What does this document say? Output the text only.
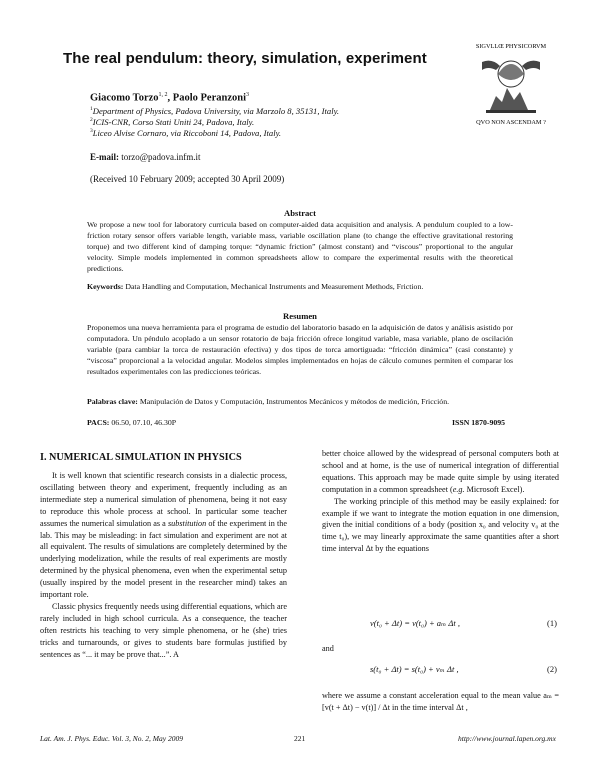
The real pendulum: theory, simulation, experiment
SIGVLLŒ PHYSICORVM
QVO NON ASCENDAM ?
Giacomo Torzo$^{1, 2}$, Paolo Peranzoni$^3$
$^1$Department of Physics, Padova University, via Marzolo 8, 35131, Italy.
$^2$ICIS-CNR, Corso Stati Uniti 24, Padova, Italy.
$^3$Liceo Alvise Cornaro, via Riccoboni 14, Padova, Italy.
E-mail: torzo@padova.infm.it
(Received 10 February 2009; accepted 30 April 2009)
Abstract
We propose a new tool for laboratory curricula based on computer-aided data acquisition and analysis. A pendulum coupled to a low-friction rotary sensor offers variable length, variable mass, variable oscillation plane (to change the effective gravitational restoring torque) and two different kind of damping torque: “dynamic friction” (almost constant) and “viscous” proportional to the angular velocity. Simple models implemented in common spreadsheets allow to compare the experimental results with the theoretical predictions.
Keywords: Data Handling and Computation, Mechanical Instruments and Measurement Methods, Friction.
Resumen
Proponemos una nueva herramienta para el programa de estudio del laboratorio basado en la adquisición de datos y análisis asistido por computadora. Un péndulo acoplado a un sensor rotatorio de baja fricción ofrece longitud variable, masa variable, plano de oscilación variable (para cambiar la torca de restauración efectiva) y dos tipos de torca amortiguada: “fricción dinámica” (casi constante) y “viscosa” proporcional a la velocidad angular. Modelos simples implementados en hojas de cálculo comunes permiten el comparar los resultados experimentales con las predicciones teóricas.
Palabras clave: Manipulación de Datos y Computación, Instrumentos Mecánicos y métodos de medición, Fricción.
PACS: 06.50, 07.10, 46.30P	ISSN 1870-9095
I. NUMERICAL SIMULATION IN PHYSICS

It is well known that scientific research consists in a dialectic process, oscillating between theory and experiment, frequently including as an intermediate step a numerical simulation of phenomena, being it not easy to reproduce this whole process at school. In particular some teacher assumes the numerical simulation as a substitution of the experiment in the lab. This may be misleading: in fact simulation and experiment are not at all equivalent. The results of simulations are completely determined by the underlying modelization, while the results of real experiments are mostly determined by the physical phenomena, even when the experimental setup (usually inspired by the model present in the researcher mind) takes an important role.

Classic physics frequently needs using differential equations, which are rarely included in high school curricula. As a consequence, the teacher often restricts his teaching to very simple phenomena, or he (she) tries tricks and turnarounds, or gives to students bare formulas justified by sentences as “... it may be prove that...”. A

better choice allowed by the widespread of personal computers both at school and at home, is the use of numerical integration of differential equations. This approach may be made quite simple by using iterated computation in a common spreadsheet (e.g. Microsoft Excel).

The working principle of this method may be easily explained: for example if we want to integrate the motion equation in one dimension, given the initial conditions of a body (position x₀ and velocity v₀ at the time t₀), we may linearly approximate the same quantities after a short time interval Δt by the equations

v(t₀ + Δt) = v(t₀) + aₘ Δt ,	(1)
and
s(t₀ + Δt) = s(t₀) + vₘ Δt ,	(2)
where we assume a constant acceleration equal to the mean value aₘ = [v(t + Δt) − v(t)] / Δt in the time interval Δt ,
Lat. Am. J. Phys. Educ. Vol. 3, No. 2, May 2009	221	http://www.journal.lapen.org.mx
